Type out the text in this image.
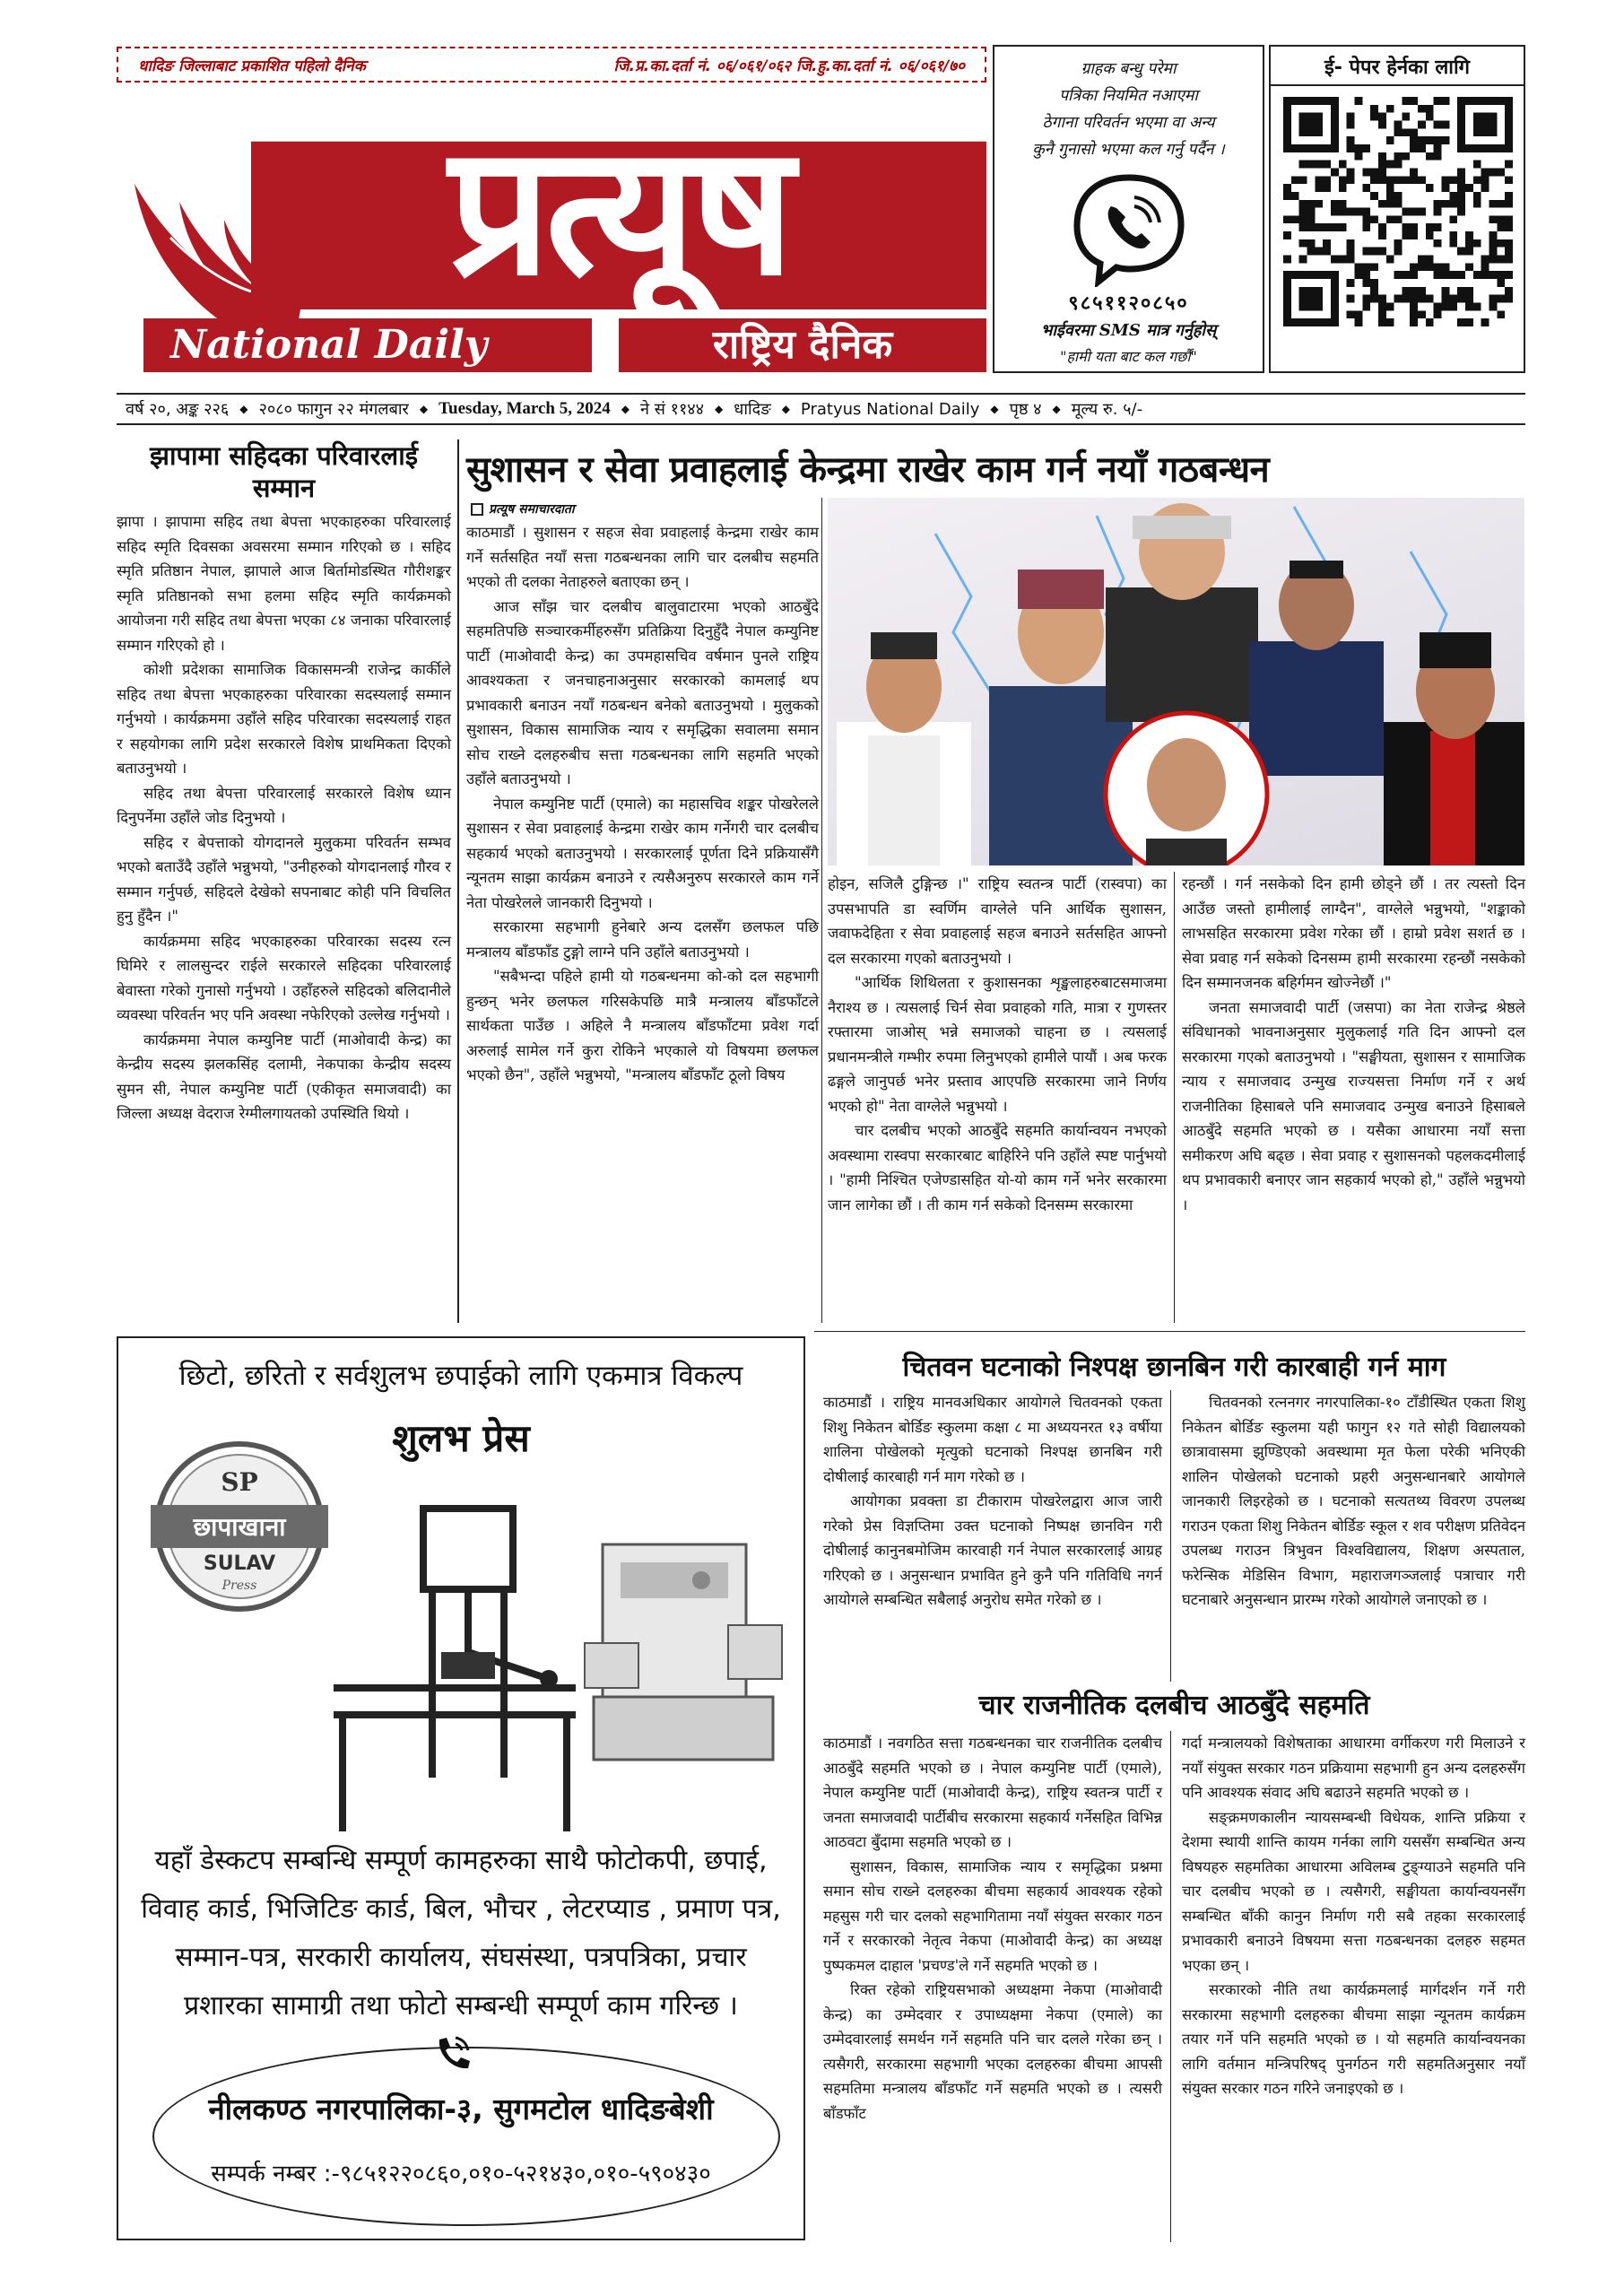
धादिङ जिल्लाबाट प्रकाशित पहिलो दैनिक	जि.प्र.का.दर्ता नं. ०६/०६१/०६२ जि.हु.का.दर्ता नं. ०६/०६१/७०
प्रत्यूष
National Daily	राष्ट्रिय दैनिक
ग्राहक बन्धु परेमा
पत्रिका नियमित नआएमा
ठेगाना परिवर्तन भएमा वा अन्य
कुनै गुनासो भएमा कल गर्नु पर्दैन ।
९८५११२०८५०
भाईवरमा SMS मात्र गर्नुहोस्
"हामी यता बाट कल गर्छौं"
ई- पेपर हेर्नका लागि
वर्ष २०, अङ्क २२६	◆ २०८० फागुन २२ मंगलबार	◆ Tuesday, March 5, 2024	◆ ने सं ११४४	◆ धादिङ	◆ Pratyus National Daily	◆ पृष्ठ ४	◆ मूल्य रु. ५/-
झापामा सहिदका परिवारलाई सम्मान

झापा । झापामा सहिद तथा बेपत्ता भएकाहरुका परिवारलाई सहिद स्मृति दिवसका अवसरमा सम्मान गरिएको छ । सहिद स्मृति प्रतिष्ठान नेपाल, झापाले आज बिर्तामोडस्थित गौरीशङ्कर स्मृति प्रतिष्ठानको सभा हलमा सहिद स्मृति कार्यक्रमको आयोजना गरी सहिद तथा बेपत्ता भएका ८४ जनाका परिवारलाई सम्मान गरिएको हो ।

कोशी प्रदेशका सामाजिक विकासमन्त्री राजेन्द्र कार्कीले सहिद तथा बेपत्ता भएकाहरुका परिवारका सदस्यलाई सम्मान गर्नुभयो । कार्यक्रममा उहाँले सहिद परिवारका सदस्यलाई राहत र सहयोगका लागि प्रदेश सरकारले विशेष प्राथमिकता दिएको बताउनुभयो ।

सहिद तथा बेपत्ता परिवारलाई सरकारले विशेष ध्यान दिनुपर्नेमा उहाँले जोड दिनुभयो ।

सहिद र बेपत्ताको योगदानले मुलुकमा परिवर्तन सम्भव भएको बताउँदै उहाँले भन्नुभयो, "उनीहरुको योगदानलाई गौरव र सम्मान गर्नुपर्छ, सहिदले देखेको सपनाबाट कोही पनि विचलित हुनु हुँदैन ।"

कार्यक्रममा सहिद भएकाहरुका परिवारका सदस्य रत्न घिमिरे र लालसुन्दर राईले सरकारले सहिदका परिवारलाई बेवास्ता गरेको गुनासो गर्नुभयो । उहाँहरुले सहिदको बलिदानीले व्यवस्था परिवर्तन भए पनि अवस्था नफेरिएको उल्लेख गर्नुभयो ।

कार्यक्रममा नेपाल कम्युनिष्ट पार्टी (माओवादी केन्द्र) का केन्द्रीय सदस्य झलकसिंह दलामी, नेकपाका केन्द्रीय सदस्य सुमन सी, नेपाल कम्युनिष्ट पार्टी (एकीकृत समाजवादी) का जिल्ला अध्यक्ष वेदराज रेग्मीलगायतको उपस्थिति थियो ।

सुशासन र सेवा प्रवाहलाई केन्द्रमा राखेर काम गर्न नयाँ गठबन्धन
प्रत्यूष समाचारदाता

काठमाडौं । सुशासन र सहज सेवा प्रवाहलाई केन्द्रमा राखेर काम गर्ने सर्तसहित नयाँ सत्ता गठबन्धनका लागि चार दलबीच सहमति भएको ती दलका नेताहरुले बताएका छन् ।

आज साँझ चार दलबीच बालुवाटारमा भएको आठबुँदे सहमतिपछि सञ्चारकर्मीहरुसँग प्रतिक्रिया दिनुहुँदै नेपाल कम्युनिष्ट पार्टी (माओवादी केन्द्र) का उपमहासचिव वर्षमान पुनले राष्ट्रिय आवश्यकता र जनचाहनाअनुसार सरकारको कामलाई थप प्रभावकारी बनाउन नयाँ गठबन्धन बनेको बताउनुभयो । मुलुकको सुशासन, विकास सामाजिक न्याय र समृद्धिका सवालमा समान सोच राख्ने दलहरुबीच सत्ता गठबन्धनका लागि सहमति भएको उहाँले बताउनुभयो ।

नेपाल कम्युनिष्ट पार्टी (एमाले) का महासचिव शङ्कर पोखरेलले सुशासन र सेवा प्रवाहलाई केन्द्रमा राखेर काम गर्नेगरी चार दलबीच सहकार्य भएको बताउनुभयो । सरकारलाई पूर्णता दिने प्रक्रियासँगै न्यूनतम साझा कार्यक्रम बनाउने र त्यसैअनुरुप सरकारले काम गर्ने नेता पोखरेलले जानकारी दिनुभयो ।

सरकारमा सहभागी हुनेबारे अन्य दलसँग छलफल पछि मन्त्रालय बाँडफाँड टुङ्गो लाग्ने पनि उहाँले बताउनुभयो ।

"सबैभन्दा पहिले हामी यो गठबन्धनमा को-को दल सहभागी हुन्छन् भनेर छलफल गरिसकेपछि मात्रै मन्त्रालय बाँडफाँटले सार्थकता पाउँछ । अहिले नै मन्त्रालय बाँडफाँटमा प्रवेश गर्दा अरुलाई सामेल गर्ने कुरा रोकिने भएकाले यो विषयमा छलफल भएको छैन", उहाँले भन्नुभयो, "मन्त्रालय बाँडफाँट ठूलो विषय

होइन, सजिलै टुङ्गिन्छ ।" राष्ट्रिय स्वतन्त्र पार्टी (रास्वपा) का उपसभापति डा स्वर्णिम वाग्लेले पनि आर्थिक सुशासन, जवाफदेहिता र सेवा प्रवाहलाई सहज बनाउने सर्तसहित आफ्नो दल सरकारमा गएको बताउनुभयो ।

"आर्थिक शिथिलता र कुशासनका शृङ्खलाहरुबाटसमाजमा नैराश्य छ । त्यसलाई चिर्न सेवा प्रवाहको गति, मात्रा र गुणस्तर रफ्तारमा जाओस् भन्ने समाजको चाहना छ । त्यसलाई प्रधानमन्त्रीले गम्भीर रुपमा लिनुभएको हामीले पायौं । अब फरक ढङ्गले जानुपर्छ भनेर प्रस्ताव आएपछि सरकारमा जाने निर्णय भएको हो" नेता वाग्लेले भन्नुभयो ।

चार दलबीच भएको आठबुँदे सहमति कार्यान्वयन नभएको अवस्थामा रास्वपा सरकारबाट बाहिरिने पनि उहाँले स्पष्ट पार्नुभयो । "हामी निश्चित एजेण्डासहित यो-यो काम गर्ने भनेर सरकारमा जान लागेका छौं । ती काम गर्न सकेको दिनसम्म सरकारमा

रहन्छौं । गर्न नसकेको दिन हामी छोड्ने छौं । तर त्यस्तो दिन आउँछ जस्तो हामीलाई लाग्दैन", वाग्लेले भन्नुभयो, "शङ्काको लाभसहित सरकारमा प्रवेश गरेका छौं । हाम्रो प्रवेश सशर्त छ । सेवा प्रवाह गर्न सकेको दिनसम्म हामी सरकारमा रहन्छौं नसकेको दिन सम्मानजनक बहिर्गमन खोज्नेछौं ।"

जनता समाजवादी पार्टी (जसपा) का नेता राजेन्द्र श्रेष्ठले संविधानको भावनाअनुसार मुलुकलाई गति दिन आफ्नो दल सरकारमा गएको बताउनुभयो । "सङ्घीयता, सुशासन र सामाजिक न्याय र समाजवाद उन्मुख राज्यसत्ता निर्माण गर्ने र अर्थ राजनीतिका हिसाबले पनि समाजवाद उन्मुख बनाउने हिसाबले आठबुँदे सहमति भएको छ । यसैका आधारमा नयाँ सत्ता समीकरण अघि बढ्छ । सेवा प्रवाह र सुशासनको पहलकदमीलाई थप प्रभावकारी बनाएर जान सहकार्य भएको हो," उहाँले भन्नुभयो ।

छिटो, छरितो र सर्वशुलभ छपाईको लागि एकमात्र विकल्प
शुलभ प्रेस
SP
छापाखाना
SULAV
Press
यहाँ डेस्कटप सम्बन्धि सम्पूर्ण कामहरुका साथै फोटोकपी, छपाई, विवाह कार्ड, भिजिटिङ कार्ड, बिल, भौचर , लेटरप्याड , प्रमाण पत्र, सम्मान-पत्र, सरकारी कार्यालय, संघसंस्था, पत्रपत्रिका, प्रचार प्रशारका सामाग्री तथा फोटो सम्बन्धी सम्पूर्ण काम गरिन्छ ।
नीलकण्ठ नगरपालिका-३, सुगमटोल धादिङबेशी
सम्पर्क नम्बर :-९८५१२२०८६०,०१०-५२१४३०,०१०-५९०४३०
चितवन घटनाको निश्पक्ष छानबिन गरी कारबाही गर्न माग

काठमाडौं । राष्ट्रिय मानवअधिकार आयोगले चितवनको एकता शिशु निकेतन बोर्डिङ स्कुलमा कक्षा ८ मा अध्ययनरत १३ वर्षीया शालिना पोखेलको मृत्युको घटनाको निश्पक्ष छानबिन गरी दोषीलाई कारबाही गर्न माग गरेको छ ।

आयोगका प्रवक्ता डा टीकाराम पोखरेलद्वारा आज जारी गरेको प्रेस विज्ञप्तिमा उक्त घटनाको निष्पक्ष छानविन गरी दोषीलाई कानुनबमोजिम कारवाही गर्न नेपाल सरकारलाई आग्रह गरिएको छ । अनुसन्धान प्रभावित हुने कुनै पनि गतिविधि नगर्न आयोगले सम्बन्धित सबैलाई अनुरोध समेत गरेको छ ।

चितवनको रत्ननगर नगरपालिका-१० टाँडीस्थित एकता शिशु निकेतन बोर्डिङ स्कुलमा यही फागुन १२ गते सोही विद्यालयको छात्रावासमा झुण्डिएको अवस्थामा मृत फेला परेकी भनिएकी शालिन पोखेलको घटनाको प्रहरी अनुसन्धानबारे आयोगले जानकारी लिइरहेको छ । घटनाको सत्यतथ्य विवरण उपलब्ध गराउन एकता शिशु निकेतन बोर्डिङ स्कूल र शव परीक्षण प्रतिवेदन उपलब्ध गराउन त्रिभुवन विश्वविद्यालय, शिक्षण अस्पताल, फरेन्सिक मेडिसिन विभाग, महाराजगञ्जलाई पत्राचार गरी घटनाबारे अनुसन्धान प्रारम्भ गरेको आयोगले जनाएको छ ।

चार राजनीतिक दलबीच आठबुँदे सहमति

काठमाडौं । नवगठित सत्ता गठबन्धनका चार राजनीतिक दलबीच आठबुँदे सहमति भएको छ । नेपाल कम्युनिष्ट पार्टी (एमाले), नेपाल कम्युनिष्ट पार्टी (माओवादी केन्द्र), राष्ट्रिय स्वतन्त्र पार्टी र जनता समाजवादी पार्टीबीच सरकारमा सहकार्य गर्नेसहित विभिन्न आठवटा बुँदामा सहमति भएको छ ।

सुशासन, विकास, सामाजिक न्याय र समृद्धिका प्रश्नमा समान सोच राख्ने दलहरुका बीचमा सहकार्य आवश्यक रहेको महसुस गरी चार दलको सहभागितामा नयाँ संयुक्त सरकार गठन गर्ने र सरकारको नेतृत्व नेकपा (माओवादी केन्द्र) का अध्यक्ष पुष्पकमल दाहाल 'प्रचण्ड'ले गर्ने सहमति भएको छ ।

रिक्त रहेको राष्ट्रियसभाको अध्यक्षमा नेकपा (माओवादी केन्द्र) का उम्मेदवार र उपाध्यक्षमा नेकपा (एमाले) का उम्मेदवारलाई समर्थन गर्ने सहमति पनि चार दलले गरेका छन् । त्यसैगरी, सरकारमा सहभागी भएका दलहरुका बीचमा आपसी सहमतिमा मन्त्रालय बाँडफाँट गर्ने सहमति भएको छ । त्यसरी बाँडफाँट

गर्दा मन्त्रालयको विशेषताका आधारमा वर्गीकरण गरी मिलाउने र नयाँ संयुक्त सरकार गठन प्रक्रियामा सहभागी हुन अन्य दलहरुसँग पनि आवश्यक संवाद अघि बढाउने सहमति भएको छ ।

सङ्क्रमणकालीन न्यायसम्बन्धी विधेयक, शान्ति प्रक्रिया र देशमा स्थायी शान्ति कायम गर्नका लागि यससँग सम्बन्धित अन्य विषयहरु सहमतिका आधारमा अविलम्ब टुङ्ग्याउने सहमति पनि चार दलबीच भएको छ । त्यसैगरी, सङ्घीयता कार्यान्वयनसँग सम्बन्धित बाँकी कानुन निर्माण गरी सबै तहका सरकारलाई प्रभावकारी बनाउने विषयमा सत्ता गठबन्धनका दलहरु सहमत भएका छन् ।

सरकारको नीति तथा कार्यक्रमलाई मार्गदर्शन गर्ने गरी सरकारमा सहभागी दलहरुका बीचमा साझा न्यूनतम कार्यक्रम तयार गर्ने पनि सहमति भएको छ । यो सहमति कार्यान्वयनका लागि वर्तमान मन्त्रिपरिषद् पुनर्गठन गरी सहमतिअनुसार नयाँ संयुक्त सरकार गठन गरिने जनाइएको छ ।
